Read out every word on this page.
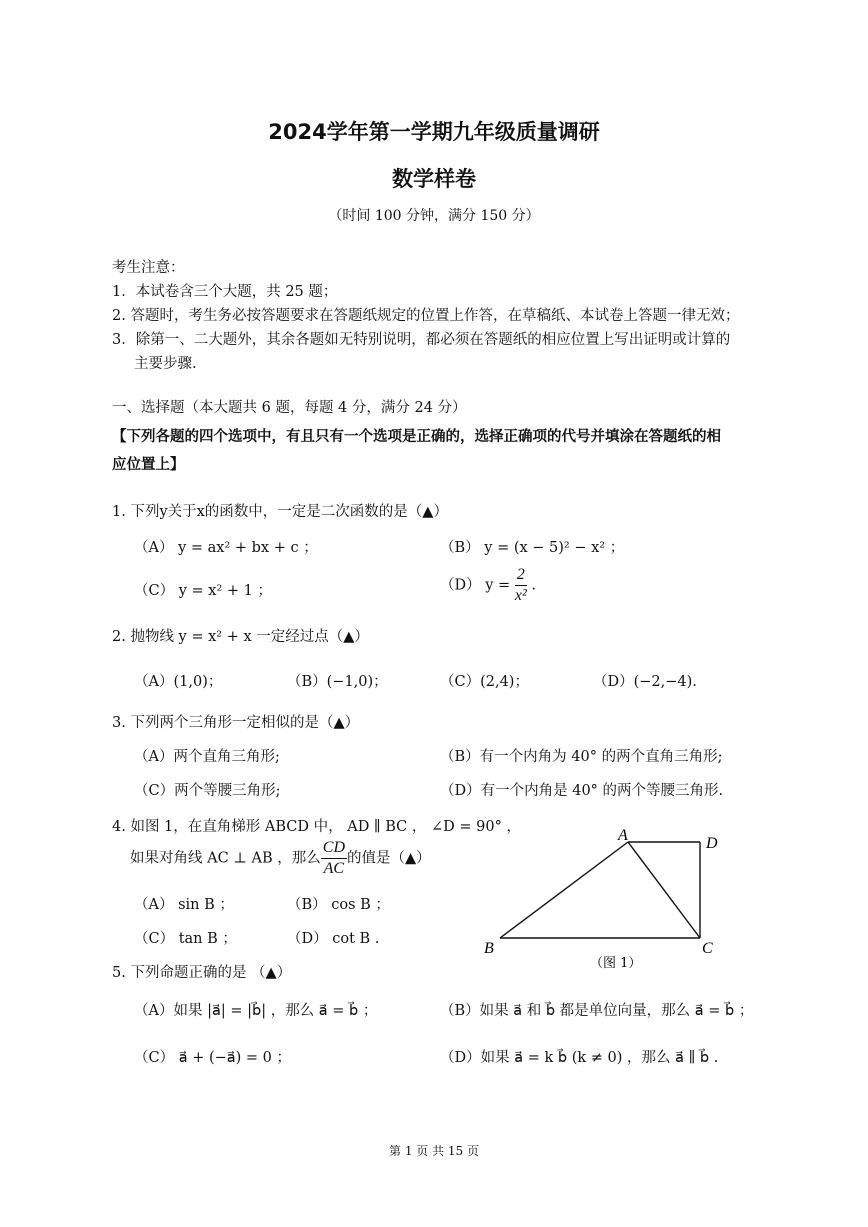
2024学年第一学期九年级质量调研
数学样卷
（时间 100 分钟，满分 150 分）
考生注意：
1．本试卷含三个大题，共 25 题；
2. 答题时，考生务必按答题要求在答题纸规定的位置上作答，在草稿纸、本试卷上答题一律无效；
3．除第一、二大题外，其余各题如无特别说明，都必须在答题纸的相应位置上写出证明或计算的
主要步骤.
一、选择题（本大题共 6 题，每题 4 分，满分 24 分）
【下列各题的四个选项中，有且只有一个选项是正确的，选择正确项的代号并填涂在答题纸的相
应位置上】
1. 下列y关于x的函数中，一定是二次函数的是（▲）
（A） y = ax² + bx + c ；	（B） y = (x − 5)² − x² ；
（C） y = x² + 1 ；	（D） $y = \frac{2}{\text{x²}}$ .
2. 抛物线 y = x² + x 一定经过点（▲）
（A）(1,0)；	（B）(−1,0)；	（C）(2,4)；	（D）(−2,−4).
3. 下列两个三角形一定相似的是（▲）
（A）两个直角三角形;	（B）有一个内角为 40° 的两个直角三角形;
（C）两个等腰三角形;	（D）有一个内角是 40° 的两个等腰三角形.
4. 如图 1，在直角梯形 ABCD 中， AD ∥ BC ， ∠D = 90° ，
如果对角线 AC ⊥ AB ，那么 $\frac{CD}{AC}$ 的值是（▲）
（A） sin B ；	（B） cos B ；
（C） tan B ；	（D） cot B .
A	D
B	C
（图 1）
5. 下列命题正确的是 （▲）
（A）如果 |a⃗| = |b⃗| ，那么 a⃗ = b⃗ ；	（B）如果 a⃗ 和 b⃗ 都是单位向量，那么 a⃗ = b⃗ ；
（C） a⃗ + (−a⃗) = 0 ；	（D）如果 a⃗ = k b⃗ (k ≠ 0) ，那么 a⃗ ∥ b⃗ .
第 1 页 共 15 页
